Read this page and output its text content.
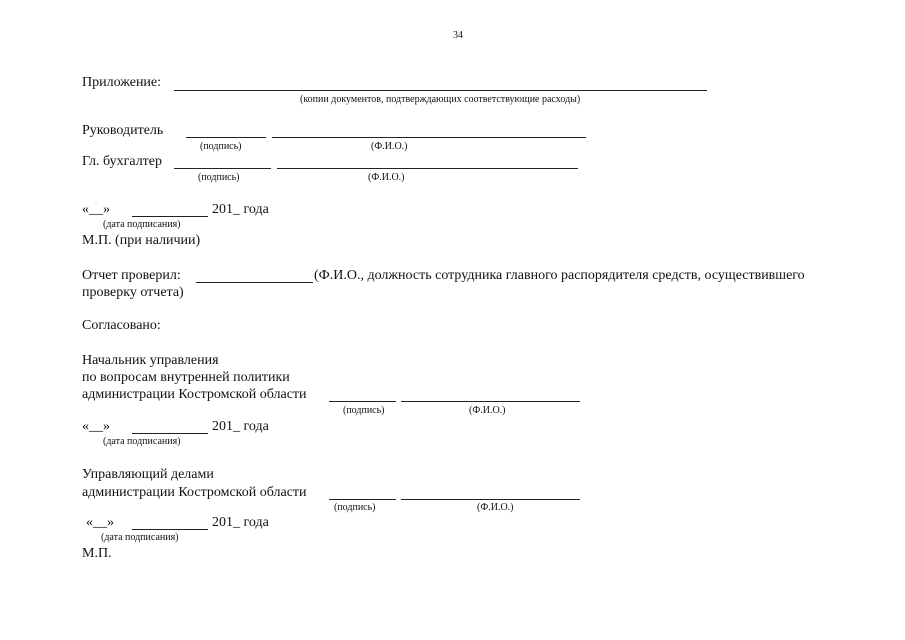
34
Приложение:
(копии документов, подтверждающих соответствующие расходы)
Руководитель
(подпись)	(Ф.И.О.)
Гл. бухгалтер
(подпись)	(Ф.И.О.)
«__»	201_ года
(дата подписания)
М.П. (при наличии)
Отчет проверил:	(Ф.И.О., должность сотрудника главного распорядителя средств, осуществившего
проверку отчета)
Согласовано:
Начальник управления
по вопросам внутренней политики
администрации Костромской области
(подпись)	(Ф.И.О.)
«__»	201_ года
(дата подписания)
Управляющий делами
администрации Костромской области
(подпись)	(Ф.И.О.)
«__»	201_ года
(дата подписания)
М.П.
